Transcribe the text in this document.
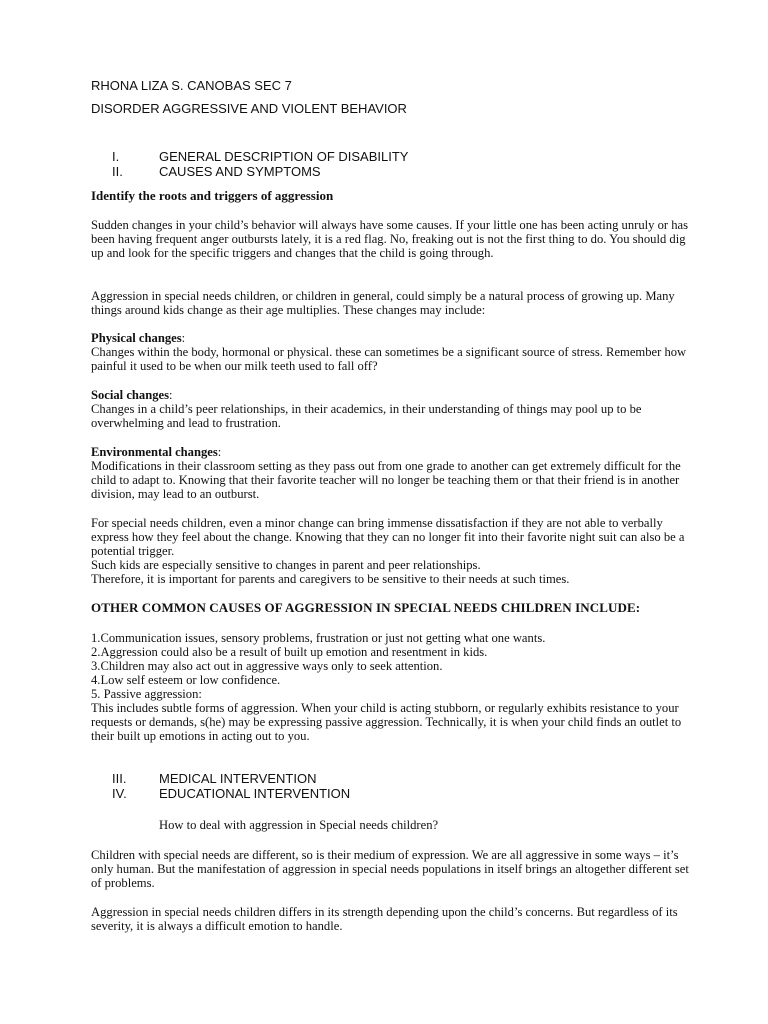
RHONA LIZA S. CANOBAS SEC 7

DISORDER AGGRESSIVE AND VIOLENT BEHAVIOR

I.	GENERAL DESCRIPTION OF DISABILITY
II.	CAUSES AND SYMPTOMS

Identify the roots and triggers of aggression

Sudden changes in your child’s behavior will always have some causes. If your little one has been acting unruly or has been having frequent anger outbursts lately, it is a red flag. No, freaking out is not the first thing to do. You should dig up and look for the specific triggers and changes that the child is going through.

Aggression in special needs children, or children in general, could simply be a natural process of growing up. Many things around kids change as their age multiplies. These changes may include:

Physical changes:
Changes within the body, hormonal or physical. these can sometimes be a significant source of stress. Remember how painful it used to be when our milk teeth used to fall off?
Social changes:
Changes in a child’s peer relationships, in their academics, in their understanding of things may pool up to be overwhelming and lead to frustration.
Environmental changes:
Modifications in their classroom setting as they pass out from one grade to another can get extremely difficult for the child to adapt to. Knowing that their favorite teacher will no longer be teaching them or that their friend is in another division, may lead to an outburst.
For special needs children, even a minor change can bring immense dissatisfaction if they are not able to verbally express how they feel about the change. Knowing that they can no longer fit into their favorite night suit can also be a potential trigger.
Such kids are especially sensitive to changes in parent and peer relationships.
Therefore, it is important for parents and caregivers to be sensitive to their needs at such times.

OTHER COMMON CAUSES OF AGGRESSION IN SPECIAL NEEDS CHILDREN INCLUDE:

1.Communication issues, sensory problems, frustration or just not getting what one wants.
2.Aggression could also be a result of built up emotion and resentment in kids.
3.Children may also act out in aggressive ways only to seek attention.
4.Low self esteem or low confidence.
5. Passive aggression:
This includes subtle forms of aggression. When your child is acting stubborn, or regularly exhibits resistance to your requests or demands, s(he) may be expressing passive aggression. Technically, it is when your child finds an outlet to their built up emotions in acting out to you.
III.	MEDICAL INTERVENTION
IV. EDUCATIONAL INTERVENTION

How to deal with aggression in Special needs children?

Children with special needs are different, so is their medium of expression. We are all aggressive in some ways – it’s only human. But the manifestation of aggression in special needs populations in itself brings an altogether different set of problems.

Aggression in special needs children differs in its strength depending upon the child’s concerns. But regardless of its severity, it is always a difficult emotion to handle.
